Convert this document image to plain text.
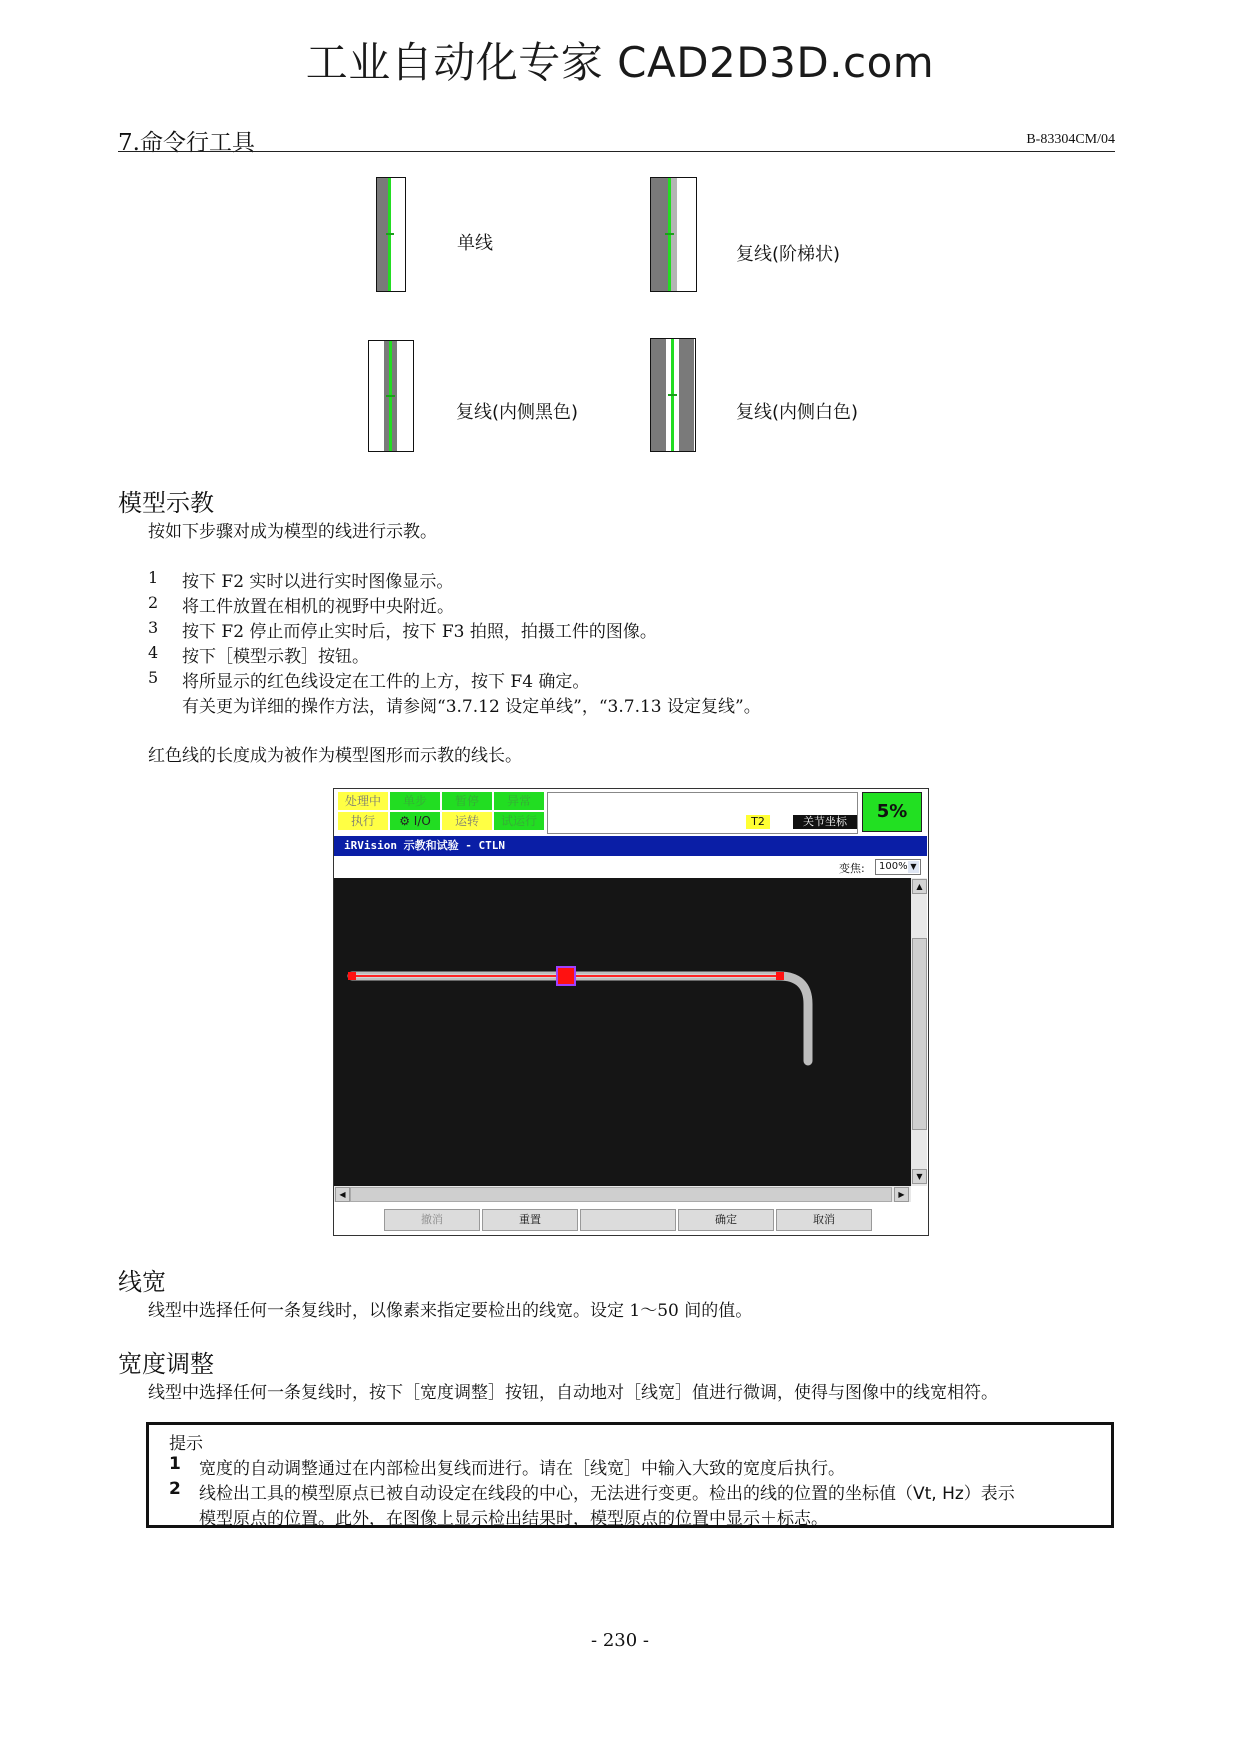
工业自动化专家 CAD2D3D.com
7.命令行工具	B-83304CM/04
单线
复线(阶梯状)
复线(内侧黑色)	复线(内侧白色)
模型示教
按如下步骤对成为模型的线进行示教。
1 按下 F2 实时以进行实时图像显示。
2 将工件放置在相机的视野中央附近。
3 按下 F2 停止而停止实时后，按下 F3 拍照，拍摄工件的图像。
4 按下［模型示教］按钮。
5 将所显示的红色线设定在工件的上方，按下 F4 确定。
有关更为详细的操作方法，请参阅“3.7.12 设定单线”，“3.7.13 设定复线”。
红色线的长度成为被作为模型图形而示教的线长。
处理中	单步	暂停	异常
执行	⚙ I/O	运转	试运行	T2	关节坐标	5%
iRVision 示教和试验 - CTLN
变焦:	100% ▼
▲
▼
◀	▶
撤消	重置	确定	取消
线宽
线型中选择任何一条复线时，以像素来指定要检出的线宽。设定 1～50 间的值。
宽度调整
线型中选择任何一条复线时，按下［宽度调整］按钮，自动地对［线宽］值进行微调，使得与图像中的线宽相符。
提示
1 宽度的自动调整通过在内部检出复线而进行。请在［线宽］中输入大致的宽度后执行。
2 线检出工具的模型原点已被自动设定在线段的中心，无法进行变更。检出的线的位置的坐标值（Vt, Hz）表示
模型原点的位置。此外，在图像上显示检出结果时，模型原点的位置中显示＋标志。
- 230 -
